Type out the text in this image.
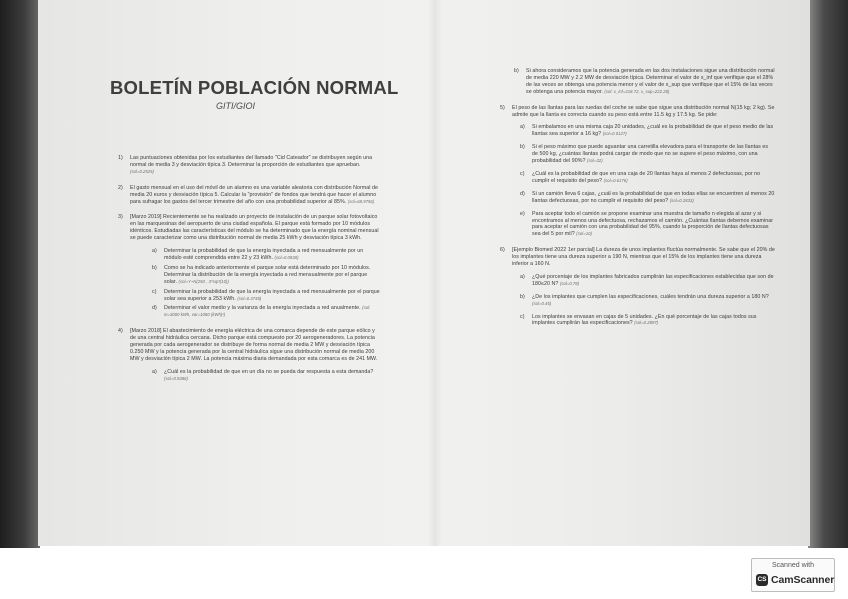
BOLETÍN POBLACIÓN NORMAL
GITI/GIOI
1) Las puntuaciones obtenidas por los estudiantes del llamado "Cid Cateador" se distribuyen según una normal de media 3 y desviación típica 3. Determinar la proporción de estudiantes que aprueban. (sol=0.2525)
2) El gasto mensual en el uso del móvil de un alumno es una variable aleatoria con distribución Normal de media 20 euros y desviación típica 5. Calcular la "provisión" de fondos que tendrá que hacer el alumno para sufragar los gastos del tercer trimestre del año con una probabilidad superior al 85%. (sol=68.9756)
3) [Marzo 2019] Recientemente se ha realizado un proyecto de instalación de un parque solar fotovoltaico en las marquesinas del aeropuerto de una ciudad española. El parque está formado por 10 módulos idénticos. Estudiadas las características del módulo se ha determinado que la energía nominal mensual se puede caracterizar como una distribución normal de media 25 kWh y desviación típica 3 kWh.
a) Determinar la probabilidad de que la energía inyectada a red mensualmente por un módulo esté comprendida entre 22 y 23 kWh. (sol=0.0838)
b) Como se ha indicado anteriormente el parque solar está determinado por 10 módulos. Determinar la distribución de la energía inyectada a red mensualmente por el parque solar. (sol=Y~N(250 , 3*sqrt(10))
c) Determinar la probabilidad de que la energía inyectada a red mensualmente por el parque solar sea superior a 253 kWh. (sol=0.3745)
d) Determinar el valor medio y la varianza de la energía inyectada a red anualmente. (sol: m=3000 kWh, var=1080 (kWh)²)
4) [Marzo 2018] El abastecimiento de energía eléctrica de una comarca depende de este parque eólico y de una central hidráulica cercana. Dicho parque está compuesto por 20 aerogeneradores. La potencia generada por cada aerogenerador se distribuye de forma normal de media 2 MW y desviación típica 0.250 MW y la potencia generada por la central hidráulica sigue una distribución normal de media 200 MW y desviación típica 2 MW. La potencia máxima diaria demandada por esta comarca es de 241 MW.
a) ¿Cuál es la probabilidad de que en un día no se pueda dar respuesta a esta demanda? (sol=0.9386)
b) Si ahora consideramos que la potencia generada en las dos instalaciones sigue una distribución normal de media 220 MW y 2.2 MW de desviación típica. Determinar el valor de x_inf que verifique que el 28% de las veces se obtenga una potencia menor y el valor de x_sup que verifique que el 15% de las veces se obtenga una potencia mayor. (sol: x_inf=218.72, x_sup=222.28)
5) El peso de las llantas para las ruedas del coche se sabe que sigue una distribución normal N(15 kg; 2 kg). Se admite que la llanta es correcta cuando su peso está entre 11.5 kg y 17.5 kg. Se pide:
a) Si embalamos en una misma caja 20 unidades, ¿cuál es la probabilidad de que el peso medio de las llantas sea superior a 16 kg? (sol=0.0127)
b) Si el peso máximo que puede aguantar una carretilla elevadora para el transporte de las llantas es de 500 kg, ¿cuántas llantas podrá cargar de modo que no se supere el peso máximo, con una probabilidad del 90%? (sol=32)
c) ¿Cuál es la probabilidad de que en una caja de 20 llantas haya al menos 2 defectuosas, por no cumplir el requisito del peso? (sol=0.6176)
d) Si un camión lleva 6 cajas, ¿cuál es la probabilidad de que en todas ellas se encuentren al menos 20 llantas defectuosas, por no cumplir el requisito del peso? (sol=0.2833)
e) Para aceptar todo el camión se propone examinar una muestra de tamaño n elegida al azar y si encontramos al menos una defectuosa, rechazamos el camión. ¿Cuántas llantas debemos examinar para aceptar el camión con una probabilidad del 95%, cuando la proporción de llantas defectuosas sea del 5 por mil? (sol=10)
6) [Ejemplo Biomed 2022 1er parcial] La dureza de unos implantes fluctúa normalmente. Se sabe que el 20% de los implantes tiene una dureza superior a 190 N, mientras que el 15% de los implantes tiene una dureza inferior a 160 N.
a) ¿Qué porcentaje de los implantes fabricados cumplirán las especificaciones establecidas que son de 180≤20 N? (sol=0.78)
b) ¿De los implantes que cumplen las especificaciones, cuáles tendrán una dureza superior a 180 N? (sol=0.45)
c) Los implantes se envasan en cajas de 5 unidades. ¿En qué porcentaje de las cajas todos sus implantes cumplirán las especificaciones? (sol=0.2897)
Scanned with
CS CamScanner
